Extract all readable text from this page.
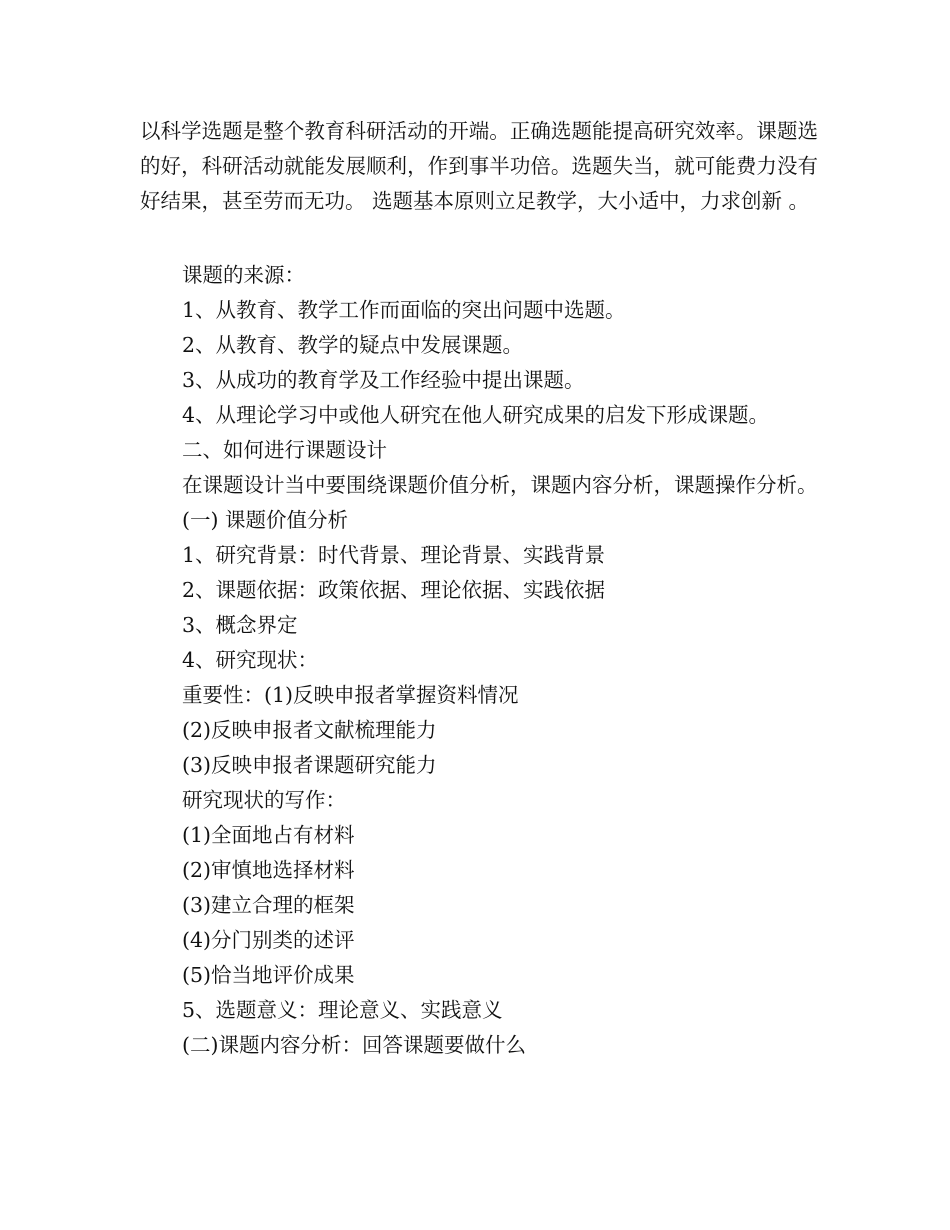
以科学选题是整个教育科研活动的开端。正确选题能提高研究效率。课题选的好，科研活动就能发展顺利，作到事半功倍。选题失当，就可能费力没有好结果，甚至劳而无功。 选题基本原则立足教学，大小适中，力求创新 。

课题的来源：
1、从教育、教学工作而面临的突出问题中选题。
2、从教育、教学的疑点中发展课题。
3、从成功的教育学及工作经验中提出课题。
4、从理论学习中或他人研究在他人研究成果的启发下形成课题。
二、如何进行课题设计
在课题设计当中要围绕课题价值分析，课题内容分析，课题操作分析。
(一) 课题价值分析
1、研究背景：时代背景、理论背景、实践背景
2、课题依据：政策依据、理论依据、实践依据
3、概念界定
4、研究现状：
重要性：(1)反映申报者掌握资料情况
(2)反映申报者文献梳理能力
(3)反映申报者课题研究能力
研究现状的写作：
(1)全面地占有材料
(2)审慎地选择材料
(3)建立合理的框架
(4)分门别类的述评
(5)恰当地评价成果
5、选题意义：理论意义、实践意义
(二)课题内容分析：回答课题要做什么
